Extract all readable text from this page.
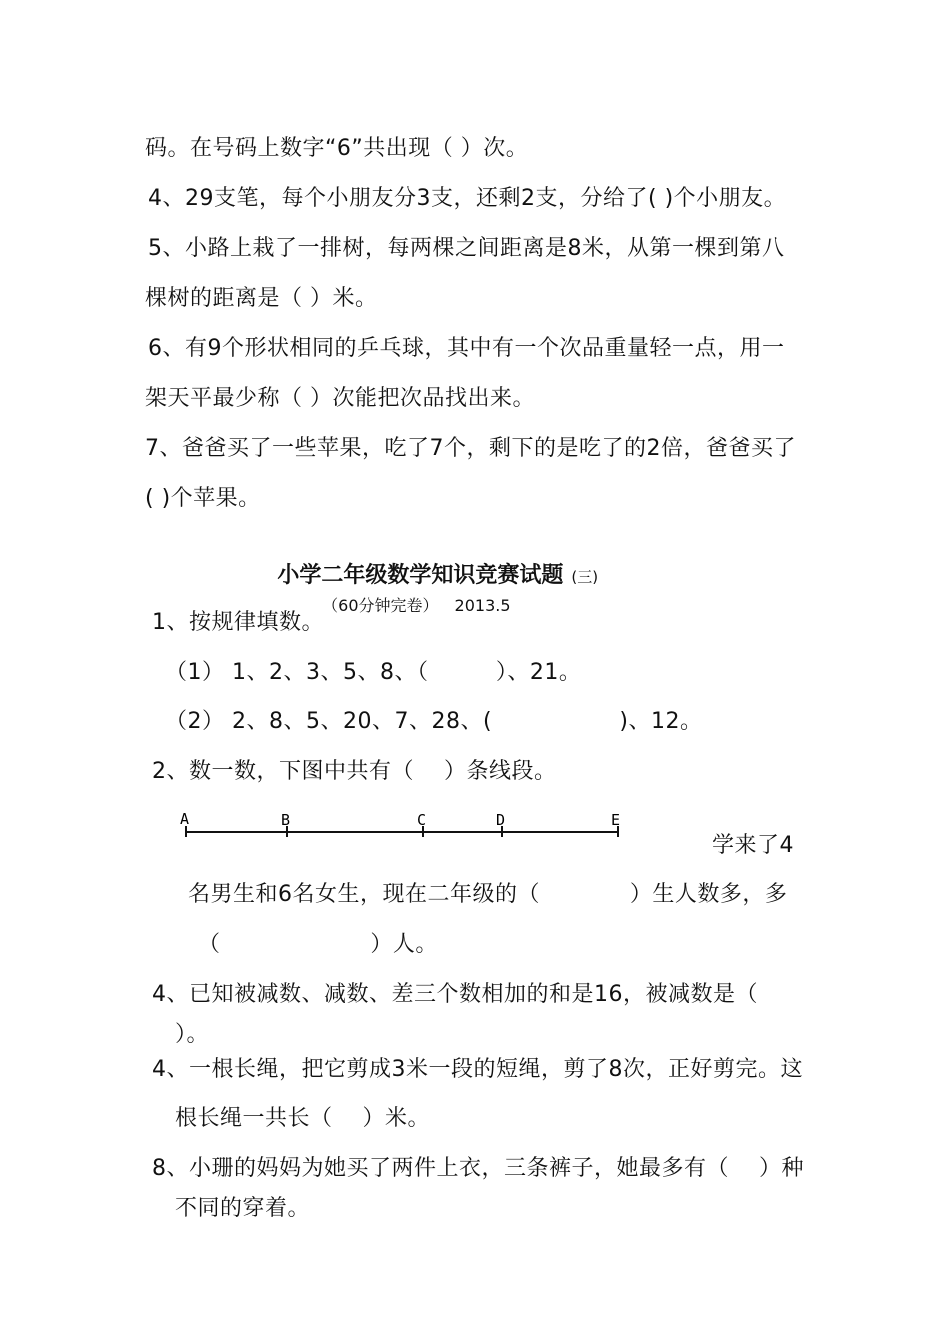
码。在号码上数字“6”共出现（ ）次。
4、29支笔，每个小朋友分3支，还剩2支，分给了( )个小朋友。
5、小路上栽了一排树，每两棵之间距离是8米，从第一棵到第八
棵树的距离是（ ）米。
6、有9个形状相同的乒乓球，其中有一个次品重量轻一点，用一
架天平最少称（ ）次能把次品找出来。
7、爸爸买了一些苹果，吃了7个，剩下的是吃了的2倍，爸爸买了
( )个苹果。

小学二年级数学知识竞赛试题 (三)

（60分钟完卷） 2013.5

1、按规律填数。
（1） 1、2、3、5、8、（         ）、21。
（2） 2、8、5、20、7、28、(                 )、12。
2、数一数，下图中共有（    ）条线段。
A	B	C	D	E
学来了4
名男生和6名女生，现在二年级的（            ）生人数多，多
（                    ）人。
4、已知被减数、减数、差三个数相加的和是16，被减数是（
）。
4、一根长绳，把它剪成3米一段的短绳，剪了8次，正好剪完。这
根长绳一共长（    ）米。
8、小珊的妈妈为她买了两件上衣，三条裤子，她最多有（    ）种
不同的穿着。
